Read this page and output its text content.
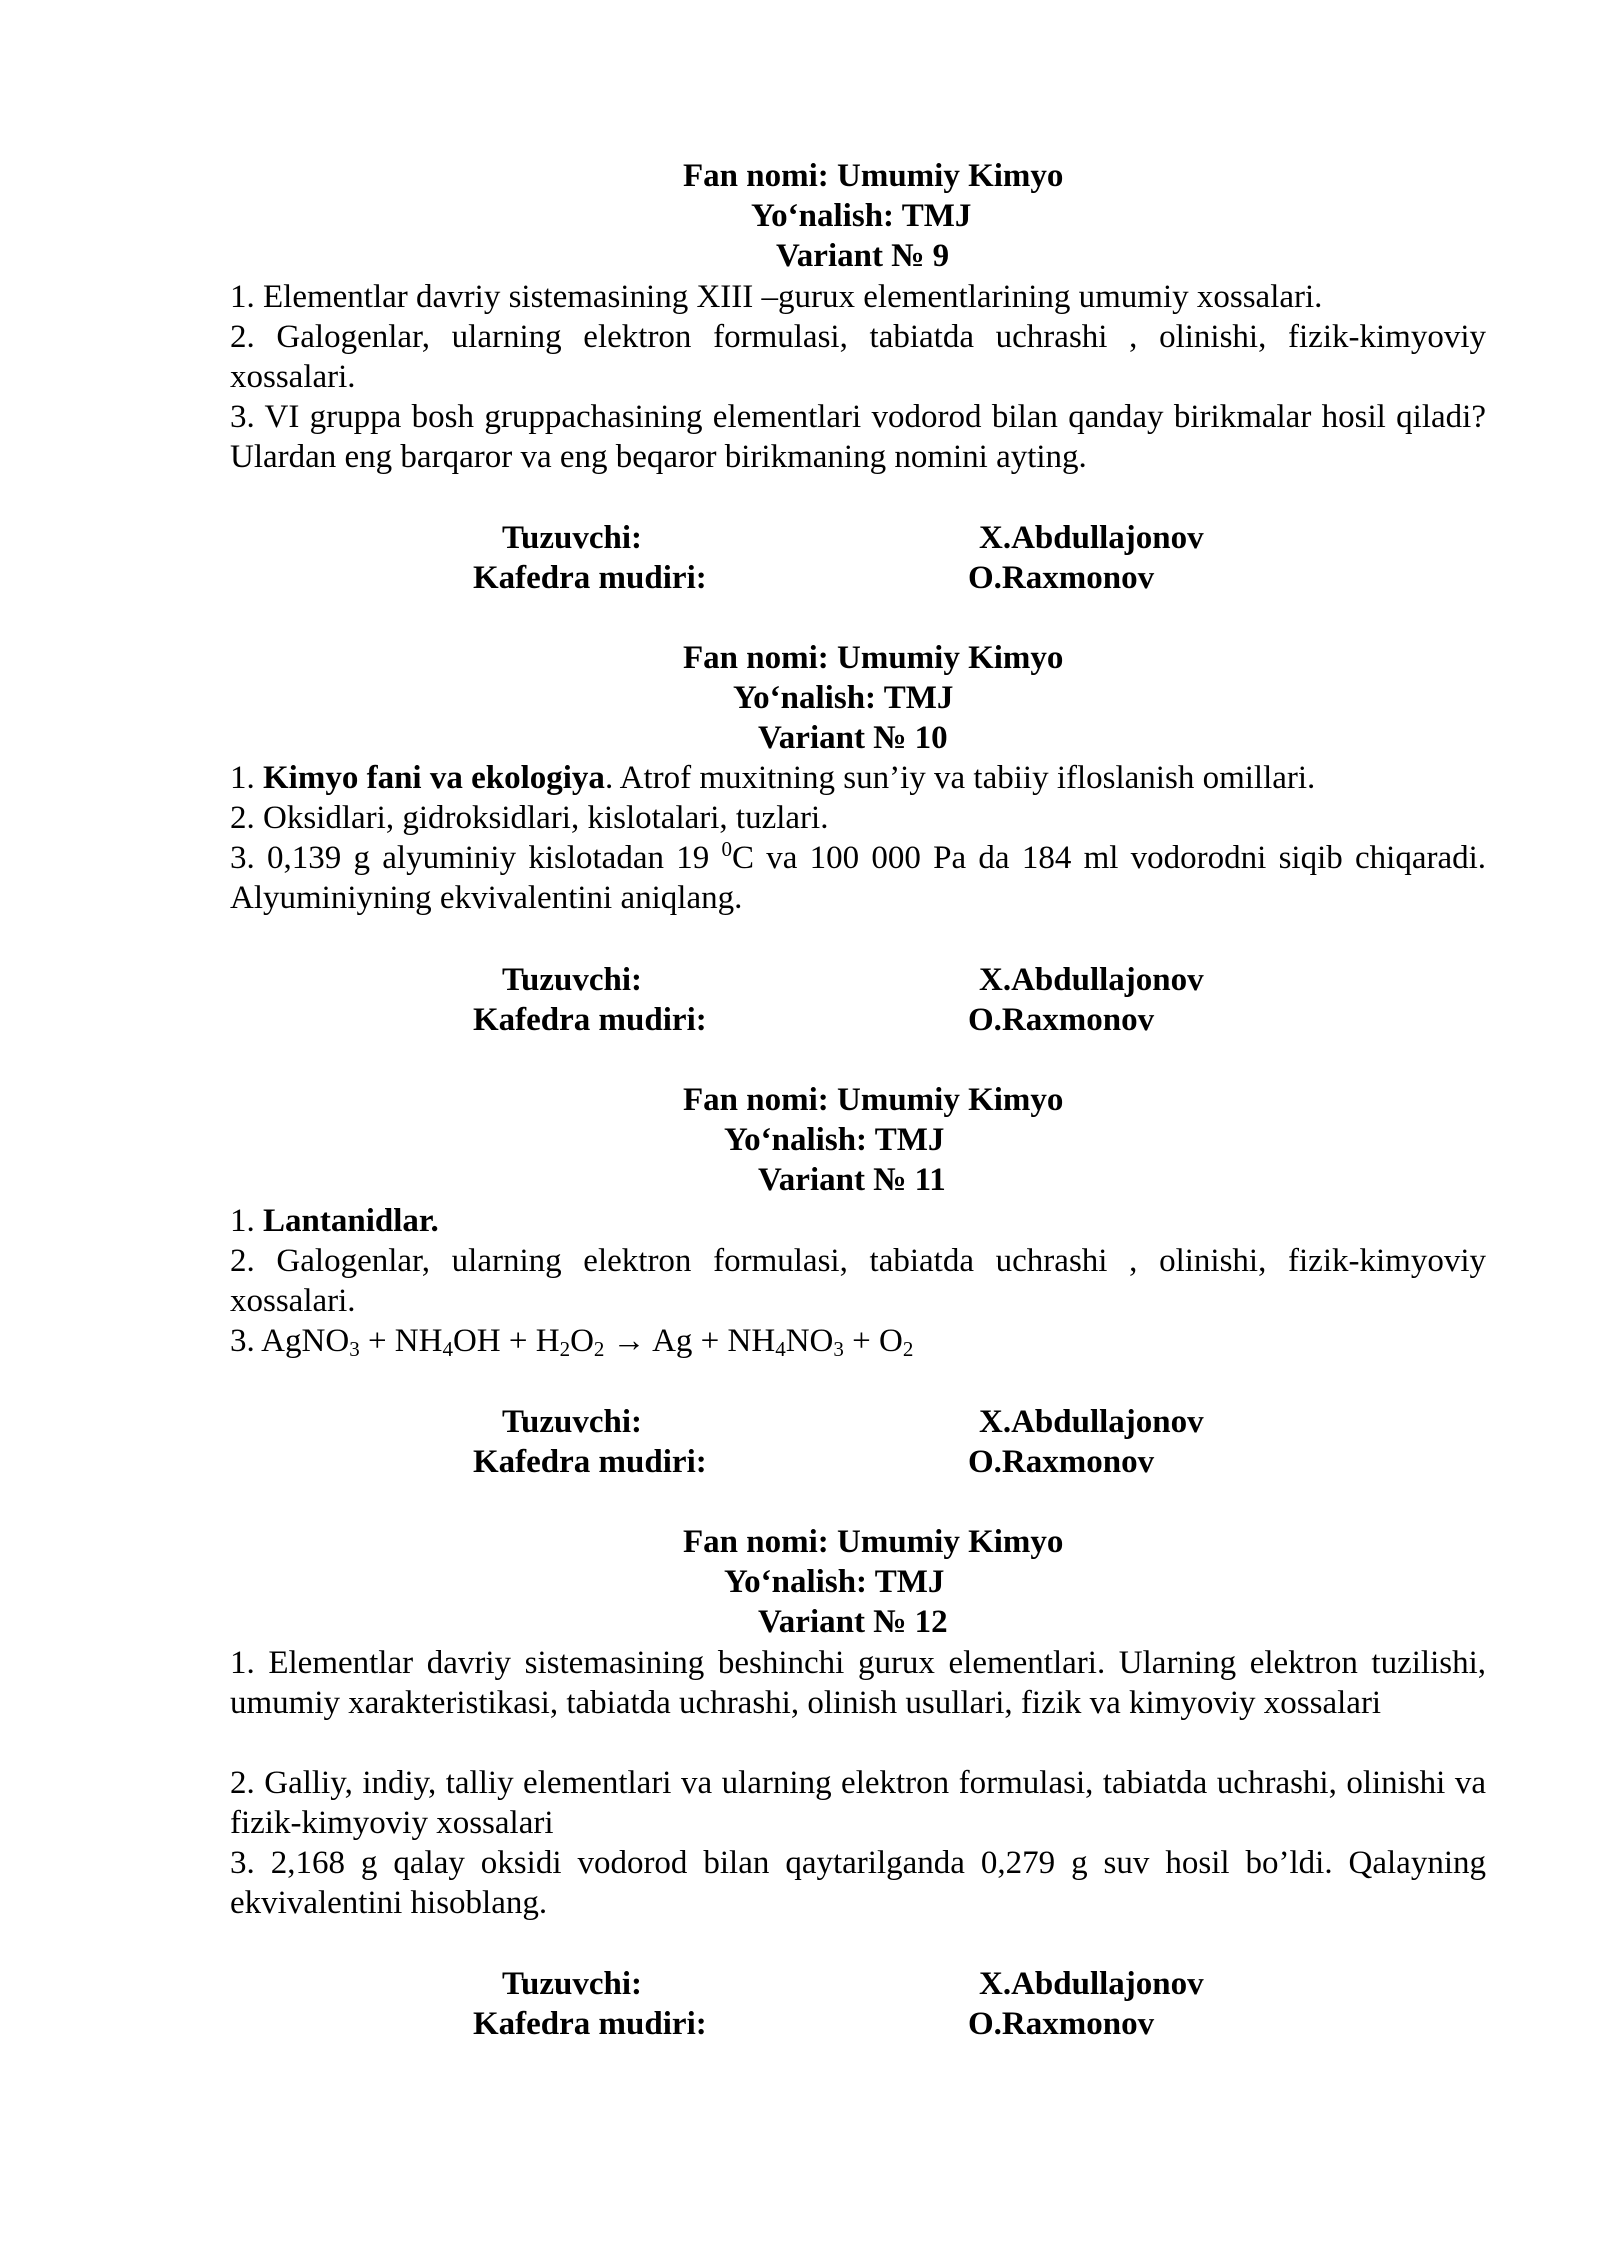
Fan nomi: Umumiy Kimyo
Yo‘nalish: TMJ
Variant № 9
1. Elementlar davriy sistemasining XIII –gurux elementlarining umumiy xossalari.
2. Galogenlar, ularning elektron formulasi, tabiatda uchrashi , olinishi, fizik-kimyoviy xossalari.
3. VI gruppa bosh gruppachasining elementlari vodorod bilan qanday birikmalar hosil qiladi? Ulardan eng barqaror va eng beqaror birikmaning nomini ayting.
Tuzuvchi:	X.Abdullajonov
Kafedra mudiri:	O.Raxmonov
Fan nomi: Umumiy Kimyo
Yo‘nalish: TMJ
Variant № 10
1. Kimyo fani va ekologiya. Atrof muxitning sun’iy va tabiiy ifloslanish omillari.
2. Oksidlari, gidroksidlari, kislotalari, tuzlari.
3. 0,139 g alyuminiy kislotadan 19 $^0$C va 100 000 Pa da 184 ml vodorodni siqib chiqaradi. Alyuminiyning ekvivalentini aniqlang.
Tuzuvchi:	X.Abdullajonov
Kafedra mudiri:	O.Raxmonov
Fan nomi: Umumiy Kimyo
Yo‘nalish: TMJ
Variant № 11
1. Lantanidlar.
2. Galogenlar, ularning elektron formulasi, tabiatda uchrashi , olinishi, fizik-kimyoviy xossalari.
3. AgNO$_3$ + $NH_4OH + H_2O_2 \to Ag + NH_4NO_3 + O_2$
Tuzuvchi:	X.Abdullajonov
Kafedra mudiri:	O.Raxmonov
Fan nomi: Umumiy Kimyo
Yo‘nalish: TMJ
Variant № 12
1. Elementlar davriy sistemasining beshinchi gurux elementlari. Ularning elektron tuzilishi, umumiy xarakteristikasi, tabiatda uchrashi, olinish usullari, fizik va kimyoviy xossalari
2. Galliy, indiy, talliy elementlari va ularning elektron formulasi, tabiatda uchrashi, olinishi va fizik-kimyoviy xossalari
3. 2,168 g qalay oksidi vodorod bilan qaytarilganda 0,279 g suv hosil bo’ldi. Qalayning ekvivalentini hisoblang.
Tuzuvchi:	X.Abdullajonov
Kafedra mudiri:	O.Raxmonov
